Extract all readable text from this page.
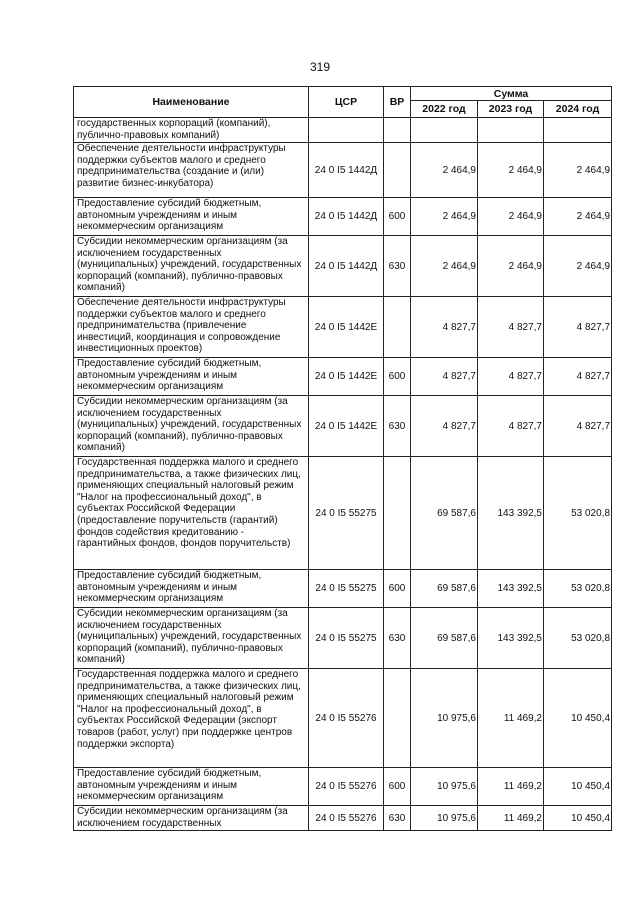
319
Наименование	ЦСР	ВР	Сумма		
			2022 год	2023 год	2024 год
государственных корпораций (компаний), публично-правовых компаний)					
Обеспечение деятельности инфраструктуры поддержки субъектов малого и среднего предпринимательства (создание и (или) развитие бизнес-инкубатора)	24 0 I5 1442Д		2 464,9	2 464,9	2 464,9
Предоставление субсидий бюджетным, автономным учреждениям и иным некоммерческим организациям	24 0 I5 1442Д	600	2 464,9	2 464,9	2 464,9
Субсидии некоммерческим организациям (за исключением государственных (муниципальных) учреждений, государственных корпораций (компаний), публично-правовых компаний)	24 0 I5 1442Д	630	2 464,9	2 464,9	2 464,9
Обеспечение деятельности инфраструктуры поддержки субъектов малого и среднего предпринимательства (привлечение инвестиций, координация и сопровождение инвестиционных проектов)	24 0 I5 1442Е		4 827,7	4 827,7	4 827,7
Предоставление субсидий бюджетным, автономным учреждениям и иным некоммерческим организациям	24 0 I5 1442Е	600	4 827,7	4 827,7	4 827,7
Субсидии некоммерческим организациям (за исключением государственных (муниципальных) учреждений, государственных корпораций (компаний), публично-правовых компаний)	24 0 I5 1442Е	630	4 827,7	4 827,7	4 827,7
Государственная поддержка малого и среднего предпринимательства, а также физических лиц, применяющих специальный налоговый режим "Налог на профессиональный доход", в субъектах Российской Федерации (предоставление поручительств (гарантий) фондов содействия кредитованию - гарантийных фондов, фондов поручительств)	24 0 I5 55275		69 587,6	143 392,5	53 020,8
Предоставление субсидий бюджетным, автономным учреждениям и иным некоммерческим организациям	24 0 I5 55275	600	69 587,6	143 392,5	53 020,8
Субсидии некоммерческим организациям (за исключением государственных (муниципальных) учреждений, государственных корпораций (компаний), публично-правовых компаний)	24 0 I5 55275	630	69 587,6	143 392,5	53 020,8
Государственная поддержка малого и среднего предпринимательства, а также физических лиц, применяющих специальный налоговый режим "Налог на профессиональный доход", в субъектах Российской Федерации (экспорт товаров (работ, услуг) при поддержке центров поддержки экспорта)	24 0 I5 55276		10 975,6	11 469,2	10 450,4
Предоставление субсидий бюджетным, автономным учреждениям и иным некоммерческим организациям	24 0 I5 55276	600	10 975,6	11 469,2	10 450,4
Субсидии некоммерческим организациям (за исключением государственных	24 0 I5 55276	630	10 975,6	11 469,2	10 450,4
